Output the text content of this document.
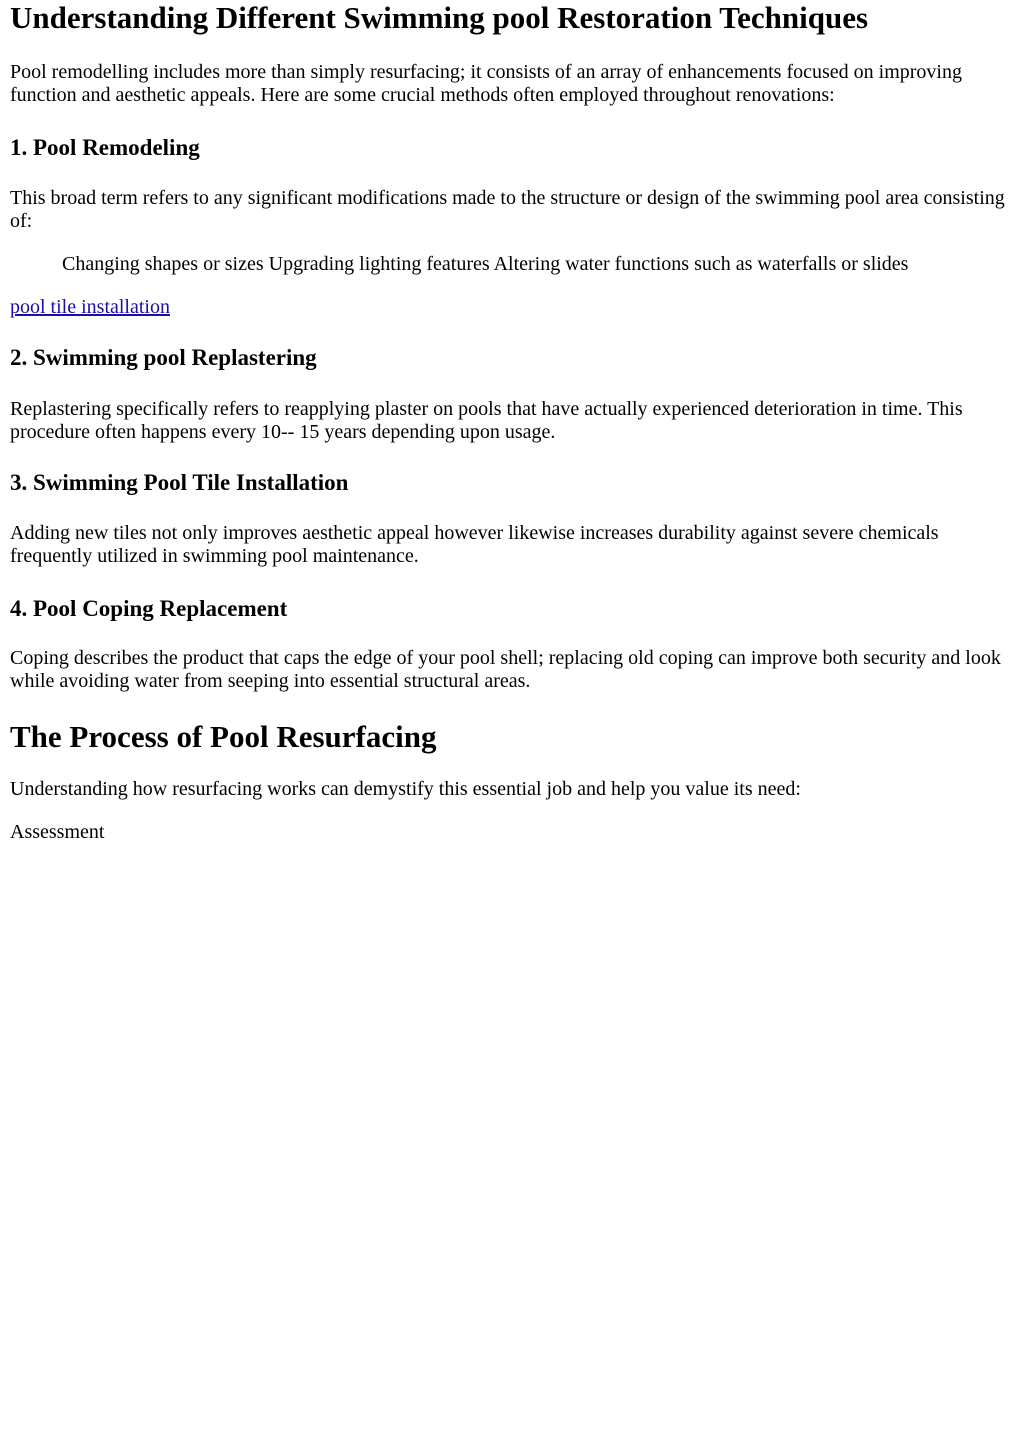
Understanding Different Swimming pool Restoration Techniques

Pool remodelling includes more than simply resurfacing; it consists of an array of enhancements focused on improving function and aesthetic appeals. Here are some crucial methods often employed throughout renovations:

1. Pool Remodeling

This broad term refers to any significant modifications made to the structure or design of the swimming pool area consisting of:

Changing shapes or sizes Upgrading lighting features Altering water functions such as waterfalls or slides

pool tile installation

2. Swimming pool Replastering

Replastering specifically refers to reapplying plaster on pools that have actually experienced deterioration in time. This procedure often happens every 10-- 15 years depending upon usage.

3. Swimming Pool Tile Installation

Adding new tiles not only improves aesthetic appeal however likewise increases durability against severe chemicals frequently utilized in swimming pool maintenance.

4. Pool Coping Replacement

Coping describes the product that caps the edge of your pool shell; replacing old coping can improve both security and look while avoiding water from seeping into essential structural areas.

The Process of Pool Resurfacing

Understanding how resurfacing works can demystify this essential job and help you value its need:

Assessment
